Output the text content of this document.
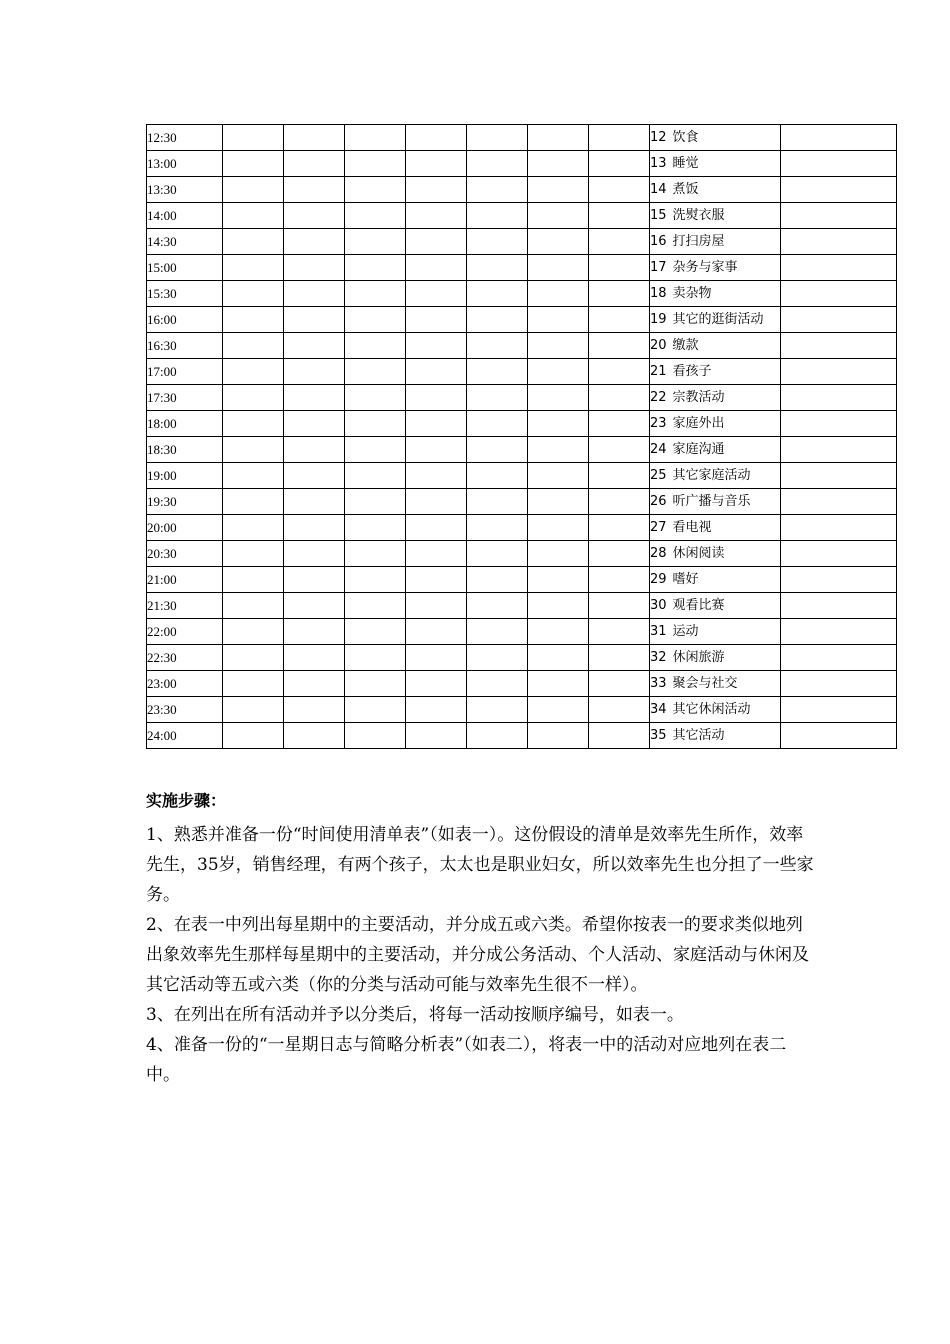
12:30								12 饮食	
13:00								13 睡觉	
13:30								14 煮饭	
14:00								15 洗熨衣服	
14:30								16 打扫房屋	
15:00								17 杂务与家事	
15:30								18 卖杂物	
16:00								19 其它的逛街活动	
16:30								20 缴款	
17:00								21 看孩子	
17:30								22 宗教活动	
18:00								23 家庭外出	
18:30								24 家庭沟通	
19:00								25 其它家庭活动	
19:30								26 听广播与音乐	
20:00								27 看电视	
20:30								28 休闲阅读	
21:00								29 嗜好	
21:30								30 观看比赛	
22:00								31 运动	
22:30								32 休闲旅游	
23:00								33 聚会与社交	
23:30								34 其它休闲活动	
24:00								35 其它活动	
实施步骤：

1、熟悉并准备一份“时间使用清单表”（如表一）。这份假设的清单是效率先生所作，效率先生，35岁，销售经理，有两个孩子，太太也是职业妇女，所以效率先生也分担了一些家务。

2、在表一中列出每星期中的主要活动，并分成五或六类。希望你按表一的要求类似地列出象效率先生那样每星期中的主要活动，并分成公务活动、个人活动、家庭活动与休闲及其它活动等五或六类（你的分类与活动可能与效率先生很不一样）。

3、在列出在所有活动并予以分类后，将每一活动按顺序编号，如表一。

4、准备一份的“一星期日志与简略分析表”（如表二），将表一中的活动对应地列在表二中。
